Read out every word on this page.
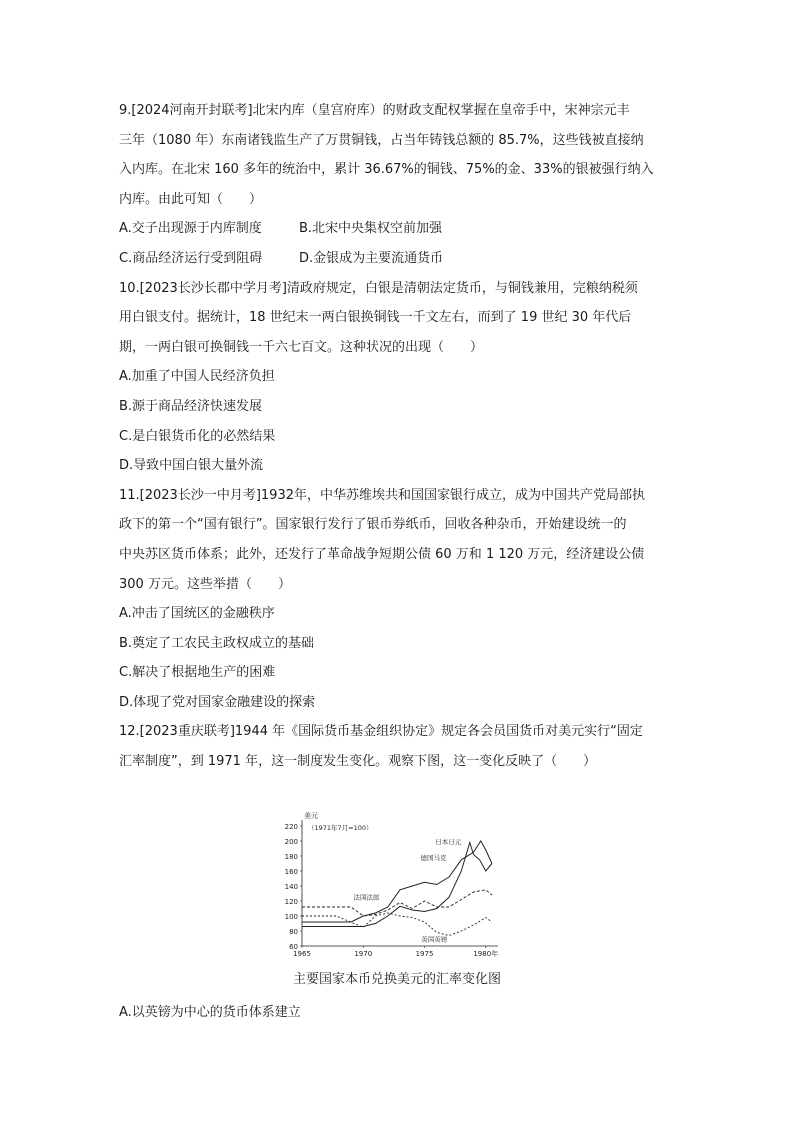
9.[2024河南开封联考]北宋内库（皇宫府库）的财政支配权掌握在皇帝手中，宋神宗元丰
三年（1080 年）东南诸钱监生产了万贯铜钱，占当年铸钱总额的 85.7%，这些钱被直接纳
入内库。在北宋 160 多年的统治中，累计 36.67%的铜钱、75%的金、33%的银被强行纳入
内库。由此可知（　　）
A.交子出现源于内库制度	B.北宋中央集权空前加强
C.商品经济运行受到阻碍	D.金银成为主要流通货币
10.[2023长沙长郡中学月考]清政府规定，白银是清朝法定货币，与铜钱兼用，完粮纳税须
用白银支付。据统计，18 世纪末一两白银换铜钱一千文左右，而到了 19 世纪 30 年代后
期，一两白银可换铜钱一千六七百文。这种状况的出现（　　）
A.加重了中国人民经济负担
B.源于商品经济快速发展
C.是白银货币化的必然结果
D.导致中国白银大量外流
11.[2023长沙一中月考]1932年，中华苏维埃共和国国家银行成立，成为中国共产党局部执
政下的第一个“国有银行”。国家银行发行了银币券纸币，回收各种杂币，开始建设统一的
中央苏区货币体系；此外，还发行了革命战争短期公债 60 万和 1 120 万元，经济建设公债
300 万元。这些举措（　　）
A.冲击了国统区的金融秩序
B.奠定了工农民主政权成立的基础
C.解决了根据地生产的困难
D.体现了党对国家金融建设的探索
12.[2023重庆联考]1944 年《国际货币基金组织协定》规定各会员国货币对美元实行“固定
汇率制度”，到 1971 年，这一制度发生变化。观察下图，这一变化反映了（　　）
60
80
100
120
140
160
180
200
220
1965	1970	1975	1980年
美元
（1971年7月=100）
日本日元
德国马克
法国法郎
英国英镑
主要国家本币兑换美元的汇率变化图
A.以英镑为中心的货币体系建立
